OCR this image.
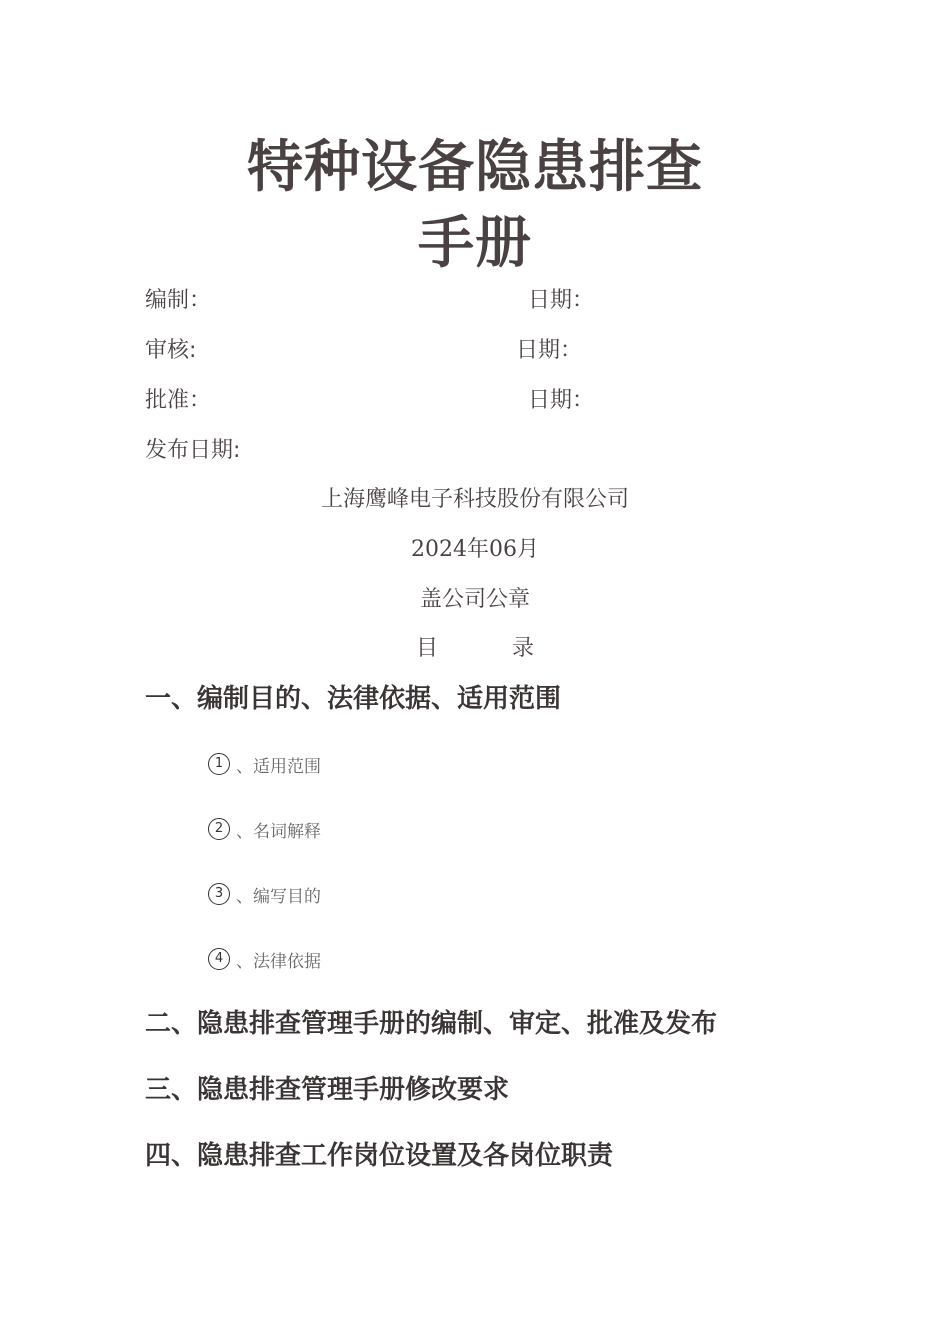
特种设备隐患排查
手册
编制：	日期：
审核:	日期：
批准：	日期：
发布日期:
上海鹰峰电子科技股份有限公司
2024年06月
盖公司公章
目	录
一、编制目的、法律依据、适用范围
1 、适用范围
2 、名词解释
3 、编写目的
4 、法律依据
二、隐患排查管理手册的编制、审定、批准及发布
三、隐患排查管理手册修改要求
四、隐患排查工作岗位设置及各岗位职责
